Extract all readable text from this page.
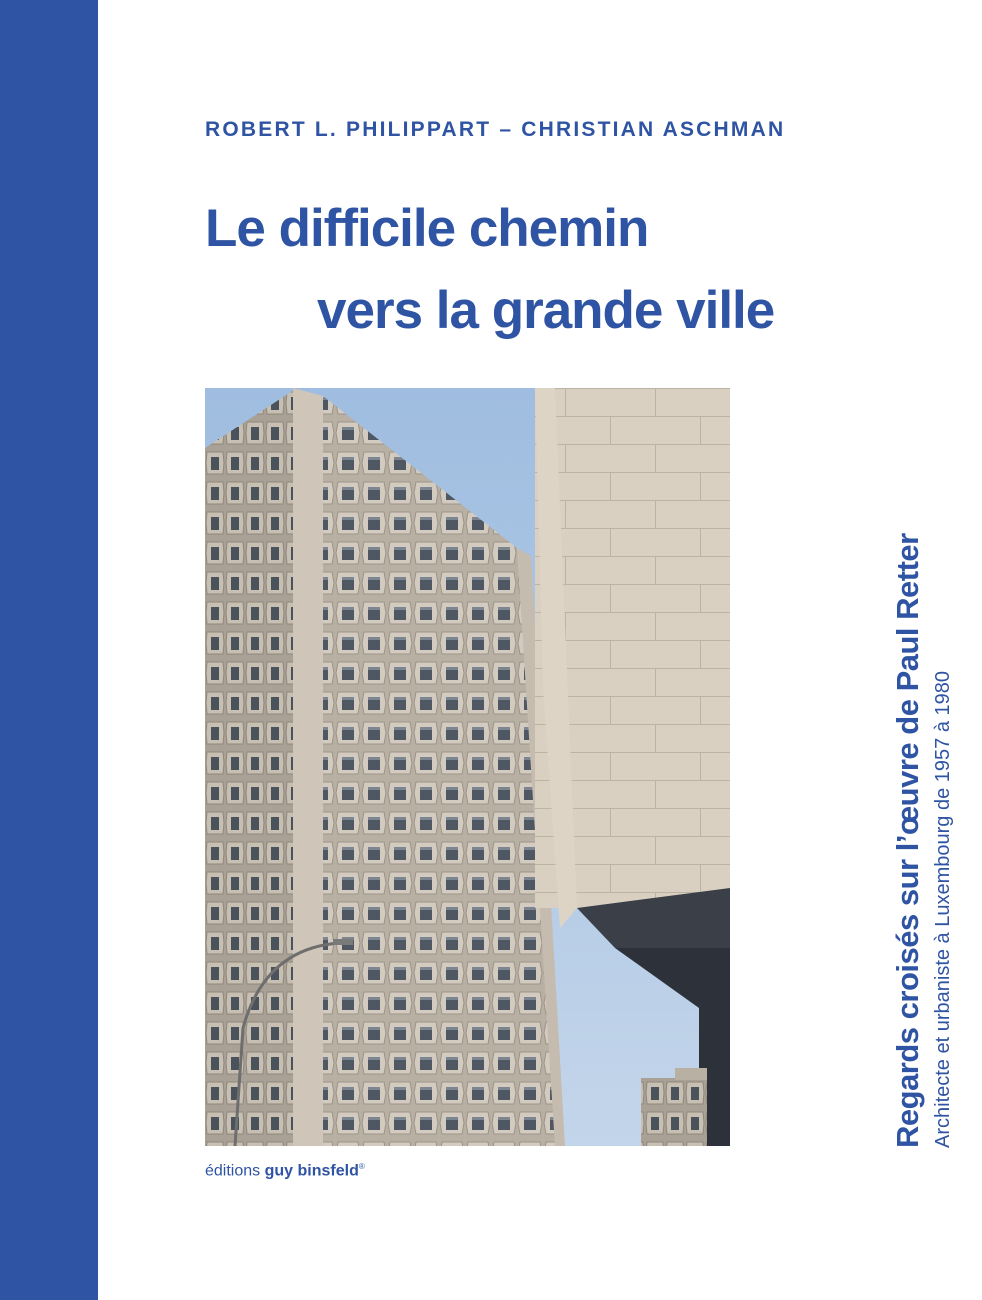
ROBERT L. PHILIPPART – CHRISTIAN ASCHMAN
Le difficile chemin
vers la grande ville
Regards croisés sur l’œuvre de Paul Retter Architecte et urbaniste à Luxembourg de 1957 à 1980
éditions guy binsfeld®
